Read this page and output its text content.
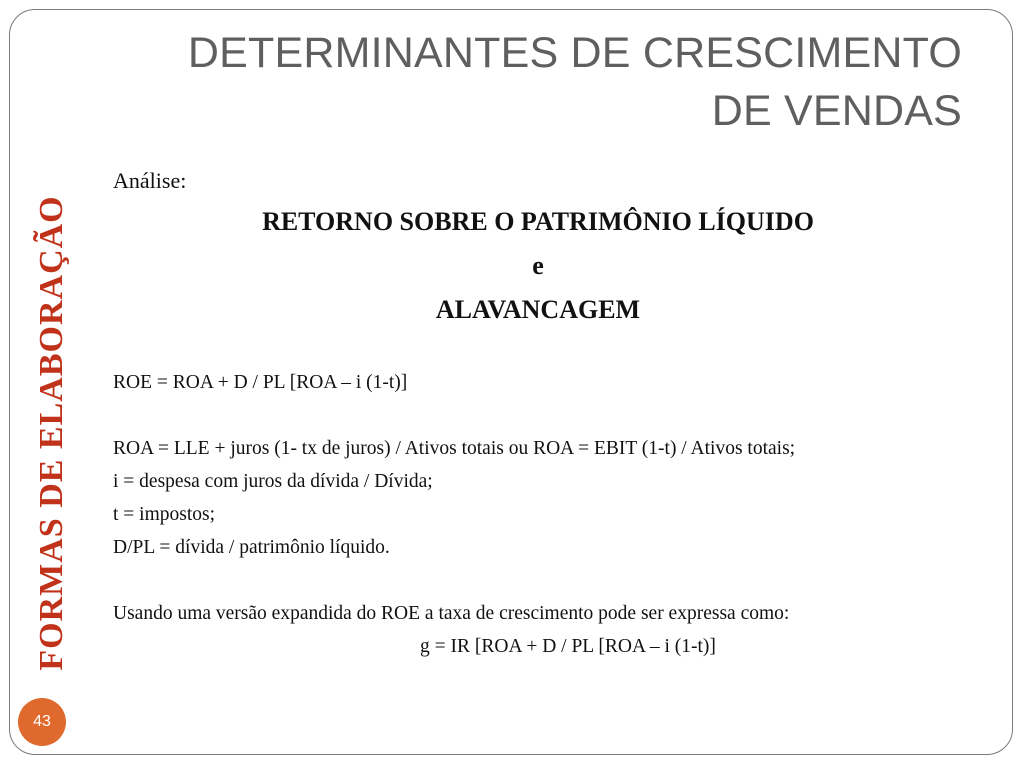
DETERMINANTES DE CRESCIMENTO
DE VENDAS
FORMAS DE ELABORAÇÃO
43
Análise:
RETORNO SOBRE O PATRIMÔNIO LÍQUIDO
e
ALAVANCAGEM
ROE = ROA + D / PL [ROA – i (1-t)]
ROA = LLE + juros (1- tx de juros) / Ativos totais ou ROA = EBIT (1-t) / Ativos totais;
i = despesa com juros da dívida / Dívida;
t = impostos;
D/PL = dívida / patrimônio líquido.
Usando uma versão expandida do ROE a taxa de crescimento pode ser expressa como:
g = IR [ROA + D / PL [ROA – i (1-t)]
